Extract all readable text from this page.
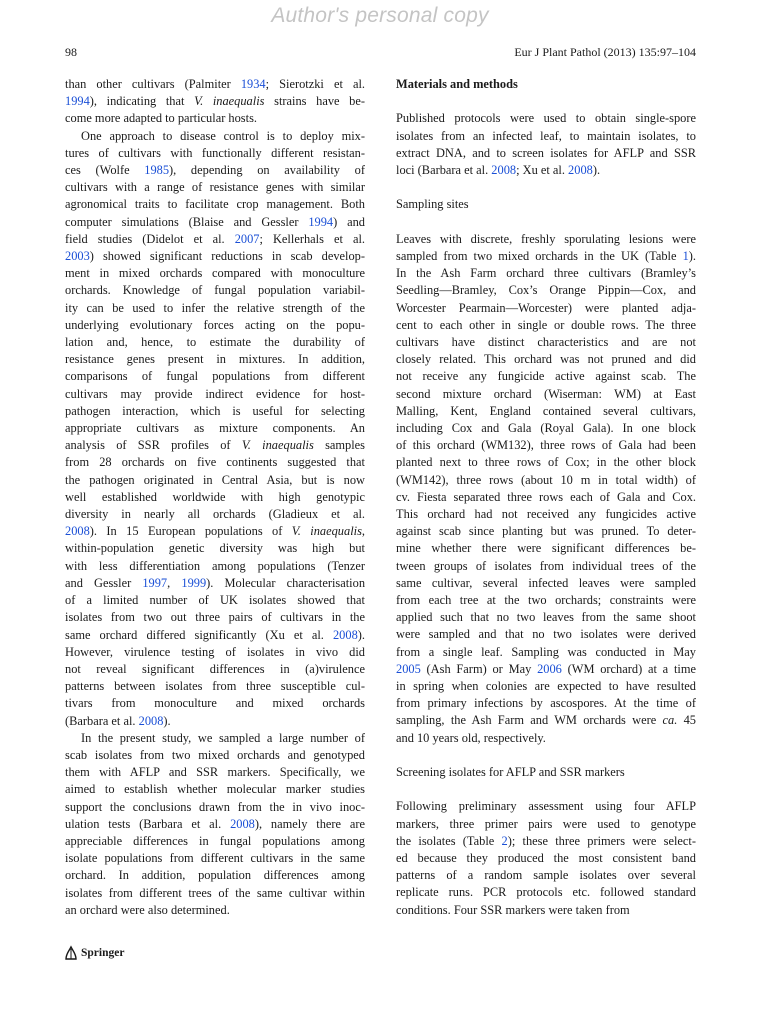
Author's personal copy
98	Eur J Plant Pathol (2013) 135:97–104
than other cultivars (Palmiter 1934; Sierotzki et al.
1994), indicating that V. inaequalis strains have be-
come more adapted to particular hosts.
One approach to disease control is to deploy mix-
tures of cultivars with functionally different resistan-
ces (Wolfe 1985), depending on availability of
cultivars with a range of resistance genes with similar
agronomical traits to facilitate crop management. Both
computer simulations (Blaise and Gessler 1994) and
field studies (Didelot et al. 2007; Kellerhals et al.
2003) showed significant reductions in scab develop-
ment in mixed orchards compared with monoculture
orchards. Knowledge of fungal population variabil-
ity can be used to infer the relative strength of the
underlying evolutionary forces acting on the popu-
lation and, hence, to estimate the durability of
resistance genes present in mixtures. In addition,
comparisons of fungal populations from different
cultivars may provide indirect evidence for host-
pathogen interaction, which is useful for selecting
appropriate cultivars as mixture components. An
analysis of SSR profiles of V. inaequalis samples
from 28 orchards on five continents suggested that
the pathogen originated in Central Asia, but is now
well established worldwide with high genotypic
diversity in nearly all orchards (Gladieux et al.
2008). In 15 European populations of V. inaequalis,
within-population genetic diversity was high but
with less differentiation among populations (Tenzer
and Gessler 1997, 1999). Molecular characterisation
of a limited number of UK isolates showed that
isolates from two out three pairs of cultivars in the
same orchard differed significantly (Xu et al. 2008).
However, virulence testing of isolates in vivo did
not reveal significant differences in (a)virulence
patterns between isolates from three susceptible cul-
tivars from monoculture and mixed orchards
(Barbara et al. 2008).
In the present study, we sampled a large number of
scab isolates from two mixed orchards and genotyped
them with AFLP and SSR markers. Specifically, we
aimed to establish whether molecular marker studies
support the conclusions drawn from the in vivo inoc-
ulation tests (Barbara et al. 2008), namely there are
appreciable differences in fungal populations among
isolate populations from different cultivars in the same
orchard. In addition, population differences among
isolates from different trees of the same cultivar within
an orchard were also determined.
Materials and methods
Published protocols were used to obtain single-spore
isolates from an infected leaf, to maintain isolates, to
extract DNA, and to screen isolates for AFLP and SSR
loci (Barbara et al. 2008; Xu et al. 2008).
Sampling sites
Leaves with discrete, freshly sporulating lesions were
sampled from two mixed orchards in the UK (Table 1).
In the Ash Farm orchard three cultivars (Bramley’s
Seedling—Bramley, Cox’s Orange Pippin—Cox, and
Worcester Pearmain—Worcester) were planted adja-
cent to each other in single or double rows. The three
cultivars have distinct characteristics and are not
closely related. This orchard was not pruned and did
not receive any fungicide active against scab. The
second mixture orchard (Wiserman: WM) at East
Malling, Kent, England contained several cultivars,
including Cox and Gala (Royal Gala). In one block
of this orchard (WM132), three rows of Gala had been
planted next to three rows of Cox; in the other block
(WM142), three rows (about 10 m in total width) of
cv. Fiesta separated three rows each of Gala and Cox.
This orchard had not received any fungicides active
against scab since planting but was pruned. To deter-
mine whether there were significant differences be-
tween groups of isolates from individual trees of the
same cultivar, several infected leaves were sampled
from each tree at the two orchards; constraints were
applied such that no two leaves from the same shoot
were sampled and that no two isolates were derived
from a single leaf. Sampling was conducted in May
2005 (Ash Farm) or May 2006 (WM orchard) at a time
in spring when colonies are expected to have resulted
from primary infections by ascospores. At the time of
sampling, the Ash Farm and WM orchards were ca. 45
and 10 years old, respectively.
Screening isolates for AFLP and SSR markers
Following preliminary assessment using four AFLP
markers, three primer pairs were used to genotype
the isolates (Table 2); these three primers were select-
ed because they produced the most consistent band
patterns of a random sample isolates over several
replicate runs. PCR protocols etc. followed standard
conditions. Four SSR markers were taken from
Springer
